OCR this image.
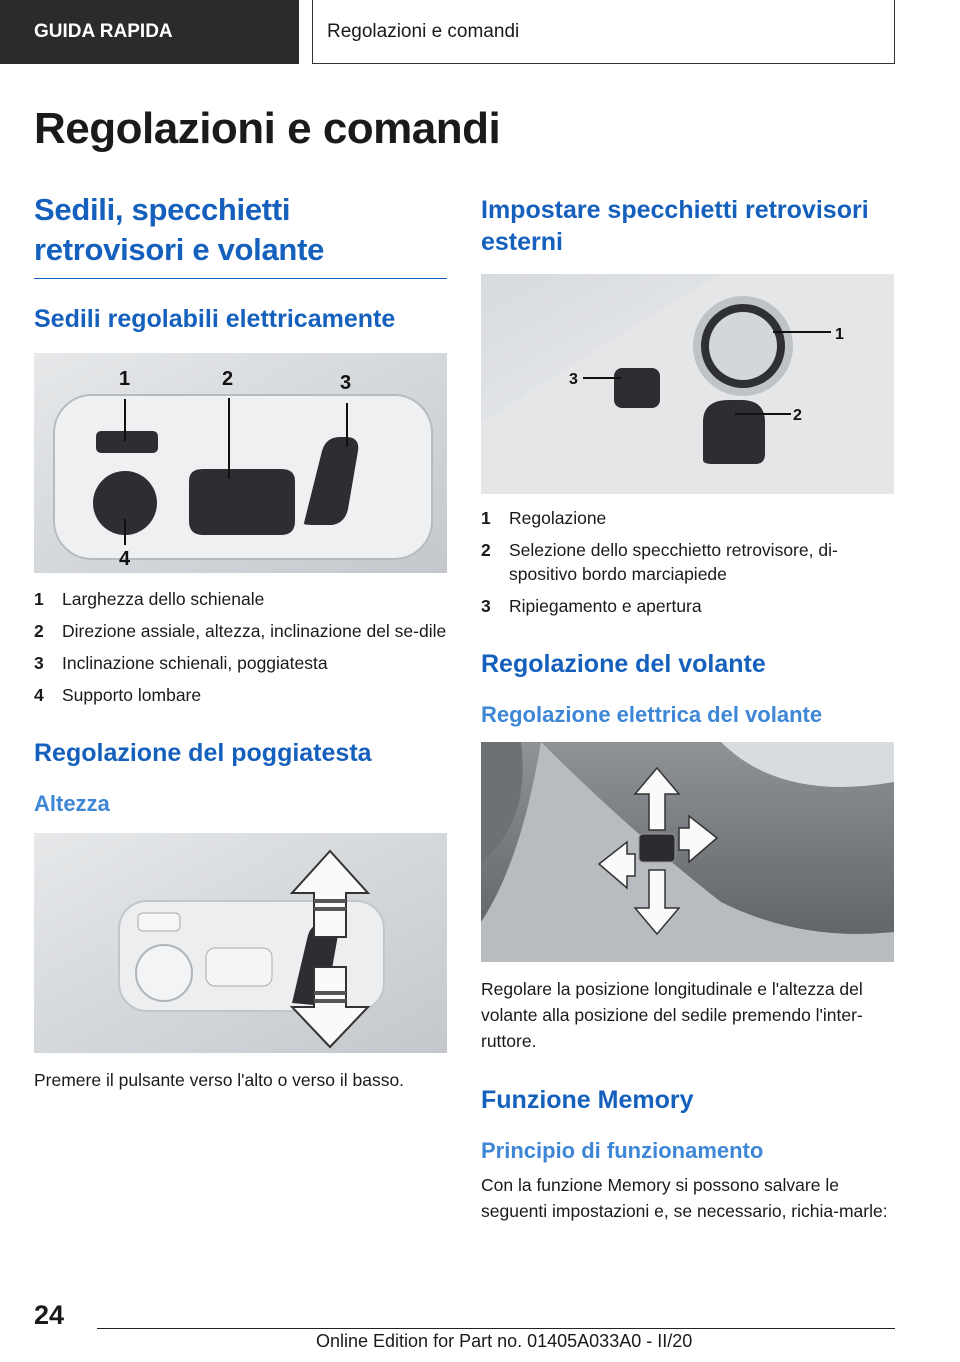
GUIDA RAPIDA	Regolazioni e comandi
Regolazioni e comandi
Sedili, specchietti retrovisori e volante
Sedili regolabili elettricamente
1	2	3
4
1	Larghezza dello schienale
2	Direzione assiale, altezza, inclinazione del se‐dile
3	Inclinazione schienali, poggiatesta
4	Supporto lombare
Regolazione del poggiatesta
Altezza
Premere il pulsante verso l'alto o verso il basso.
Impostare specchietti retrovisori esterni
1
2
3
1	Regolazione
2	Selezione dello specchietto retrovisore, di‐spositivo bordo marciapiede
3	Ripiegamento e apertura
Regolazione del volante
Regolazione elettrica del volante
Regolare la posizione longitudinale e l'altezza del volante alla posizione del sedile premendo l'inter‐ruttore.
Funzione Memory
Principio di funzionamento
Con la funzione Memory si possono salvare le seguenti impostazioni e, se necessario, richia‐marle:
24
Online Edition for Part no. 01405A033A0 - II/20
